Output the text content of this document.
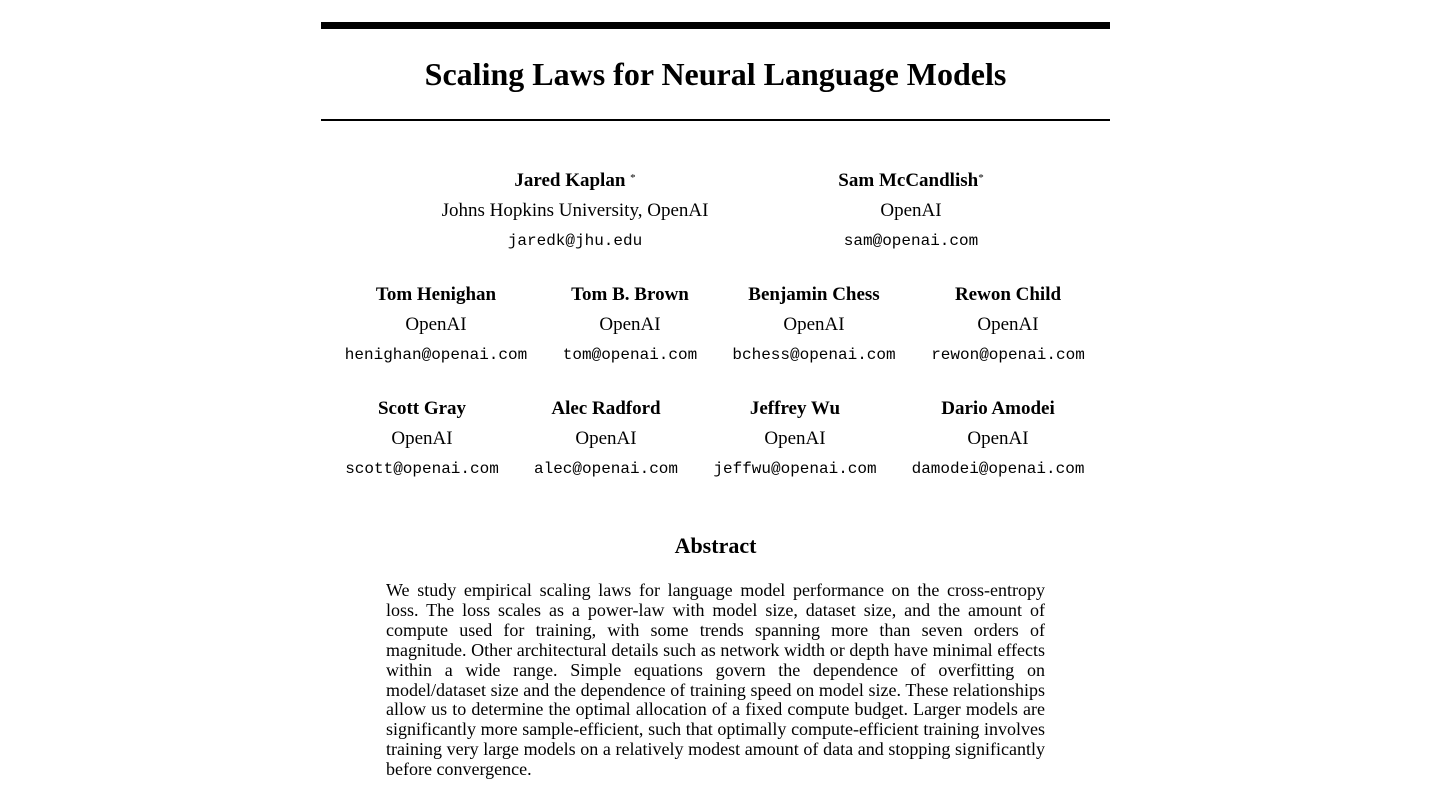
Scaling Laws for Neural Language Models
Jared Kaplan *
Johns Hopkins University, OpenAI
jaredk@jhu.edu
Sam McCandlish*
OpenAI
sam@openai.com
Tom Henighan
OpenAI
henighan@openai.com
Tom B. Brown
OpenAI
tom@openai.com
Benjamin Chess
OpenAI
bchess@openai.com
Rewon Child
OpenAI
rewon@openai.com
Scott Gray
OpenAI
scott@openai.com
Alec Radford
OpenAI
alec@openai.com
Jeffrey Wu
OpenAI
jeffwu@openai.com
Dario Amodei
OpenAI
damodei@openai.com
Abstract

We study empirical scaling laws for language model performance on the cross-entropy loss. The loss scales as a power-law with model size, dataset size, and the amount of compute used for training, with some trends spanning more than seven orders of magnitude. Other architectural details such as network width or depth have minimal effects within a wide range. Simple equations govern the dependence of overfitting on model/dataset size and the dependence of training speed on model size. These relationships allow us to determine the optimal allocation of a fixed compute budget. Larger models are significantly more sample-efficient, such that optimally compute-efficient training involves training very large models on a relatively modest amount of data and stopping significantly before convergence.
